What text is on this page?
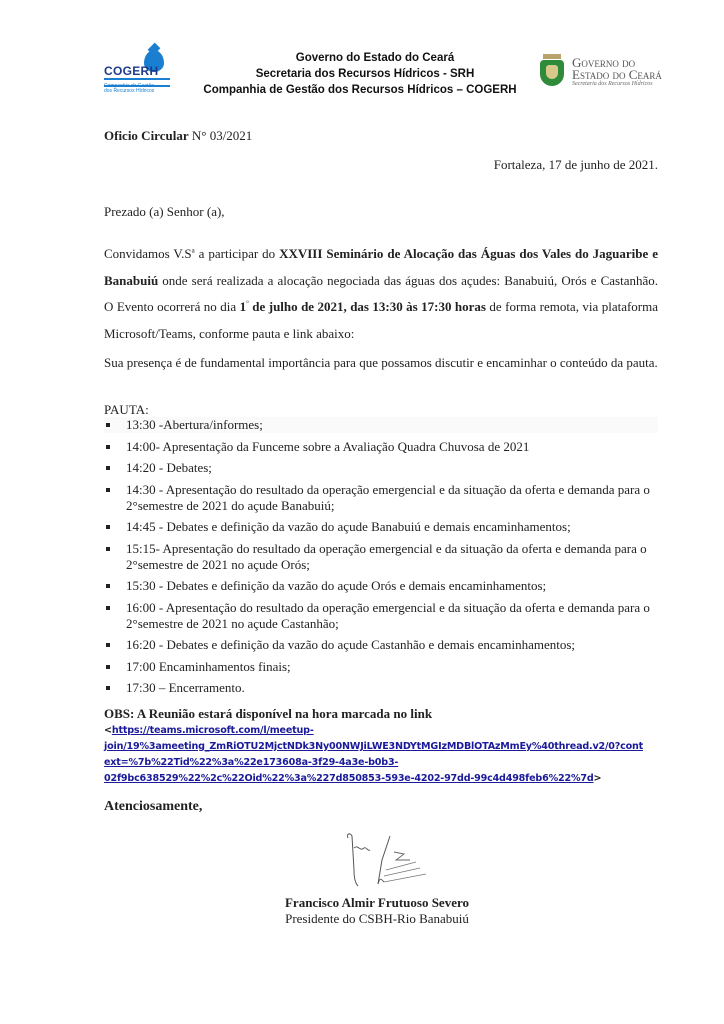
COGERH
Companhia de Gestão
dos Recursos Hídricos
Governo do Estado do Ceará
Secretaria dos Recursos Hídricos - SRH
Companhia de Gestão dos Recursos Hídricos – COGERH
Governo do
Estado do Ceará
Secretaria dos Recursos Hídricos
Oficio Circular N° 03/2021
Fortaleza, 17 de junho de 2021.
Prezado (a) Senhor (a),
Convidamos $V.S^a$ a participar do XXVIII Seminário de Alocação das Águas dos Vales do Jaguaribe e Banabuiú onde será realizada a alocação negociada das águas dos açudes: Banabuiú, Orós e Castanhão. O Evento ocorrerá no dia 1° de julho de 2021, das 13:30 às 17:30 horas de forma remota, via plataforma Microsoft/Teams, conforme pauta e link abaixo:
Sua presença é de fundamental importância para que possamos discutir e encaminhar o conteúdo da pauta.
PAUTA:
13:30 -Abertura/informes;
14:00- Apresentação da Funceme sobre a Avaliação Quadra Chuvosa de 2021
14:20 - Debates;
14:30 - Apresentação do resultado da operação emergencial e da situação da oferta e demanda para o 2°semestre de 2021 do açude Banabuiú;
14:45 - Debates e definição da vazão do açude Banabuiú e demais encaminhamentos;
15:15- Apresentação do resultado da operação emergencial e da situação da oferta e demanda para o 2°semestre de 2021 no açude Orós;
15:30 - Debates e definição da vazão do açude Orós e demais encaminhamentos;
16:00 - Apresentação do resultado da operação emergencial e da situação da oferta e demanda para o 2°semestre de 2021 no açude Castanhão;
16:20 - Debates e definição da vazão do açude Castanhão e demais encaminhamentos;
17:00 Encaminhamentos finais;
17:30 – Encerramento.
OBS: A Reunião estará disponível na hora marcada no link
<https://teams.microsoft.com/l/meetup-
join/19%3ameeting_ZmRiOTU2MjctNDk3Ny00NWJiLWE3NDYtMGIzMDBlOTAzMmEy%40thread.v2/0?cont
ext=%7b%22Tid%22%3a%22e173608a-3f29-4a3e-b0b3-
02f9bc638529%22%2c%22Oid%22%3a%227d850853-593e-4202-97dd-99c4d498feb6%22%7d>
Atenciosamente,
Francisco Almir Frutuoso Severo
Presidente do CSBH-Rio Banabuiú
